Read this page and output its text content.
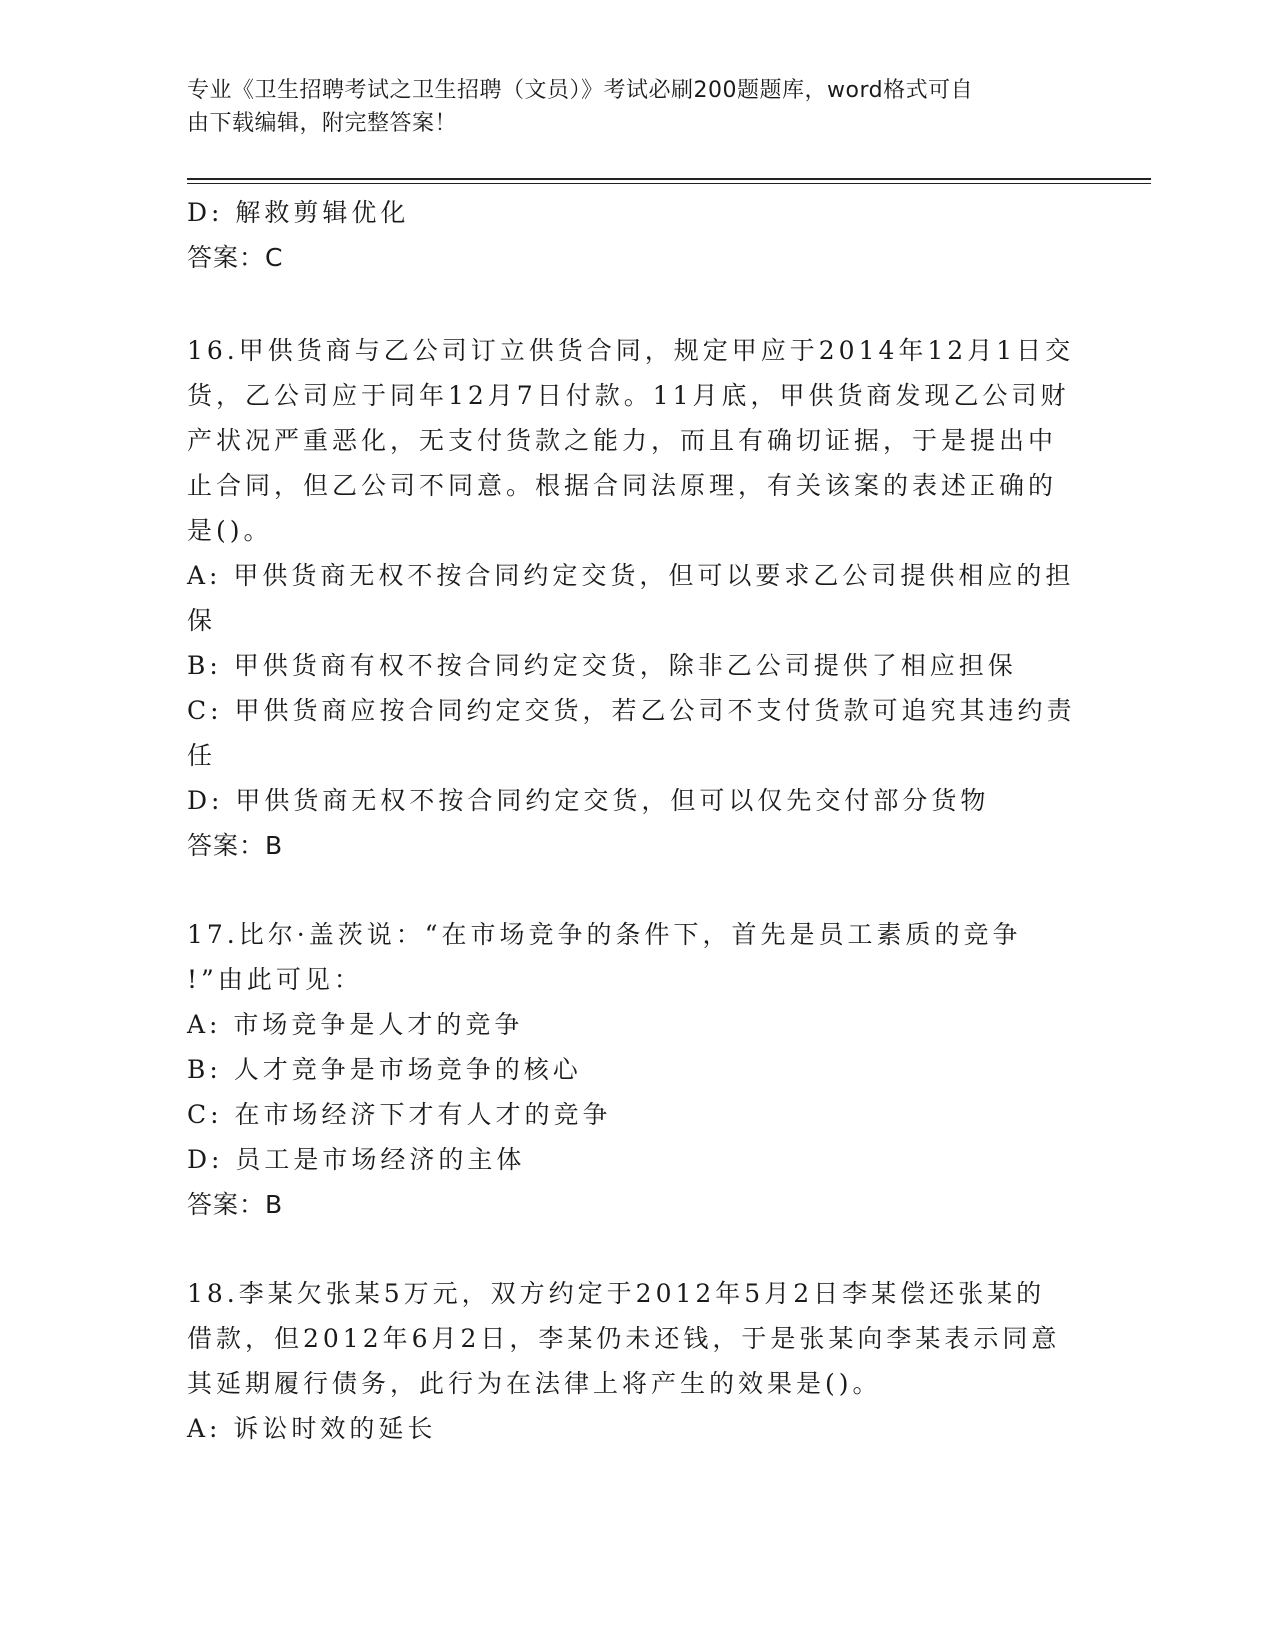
专业《卫生招聘考试之卫生招聘（文员）》考试必刷200题题库，word格式可自
由下载编辑，附完整答案！
D: 解救剪辑优化
答案：C
16.甲供货商与乙公司订立供货合同，规定甲应于2014年12月1日交
货，乙公司应于同年12月7日付款。11月底，甲供货商发现乙公司财
产状况严重恶化，无支付货款之能力，而且有确切证据，于是提出中
止合同，但乙公司不同意。根据合同法原理，有关该案的表述正确的
是()。
A: 甲供货商无权不按合同约定交货，但可以要求乙公司提供相应的担
保
B: 甲供货商有权不按合同约定交货，除非乙公司提供了相应担保
C: 甲供货商应按合同约定交货，若乙公司不支付货款可追究其违约责
任
D: 甲供货商无权不按合同约定交货，但可以仅先交付部分货物
答案：B
17.比尔·盖茨说：“在市场竞争的条件下，首先是员工素质的竞争
!”由此可见：
A: 市场竞争是人才的竞争
B: 人才竞争是市场竞争的核心
C: 在市场经济下才有人才的竞争
D: 员工是市场经济的主体
答案：B
18.李某欠张某5万元，双方约定于2012年5月2日李某偿还张某的
借款，但2012年6月2日，李某仍未还钱，于是张某向李某表示同意
其延期履行债务，此行为在法律上将产生的效果是()。
A: 诉讼时效的延长
